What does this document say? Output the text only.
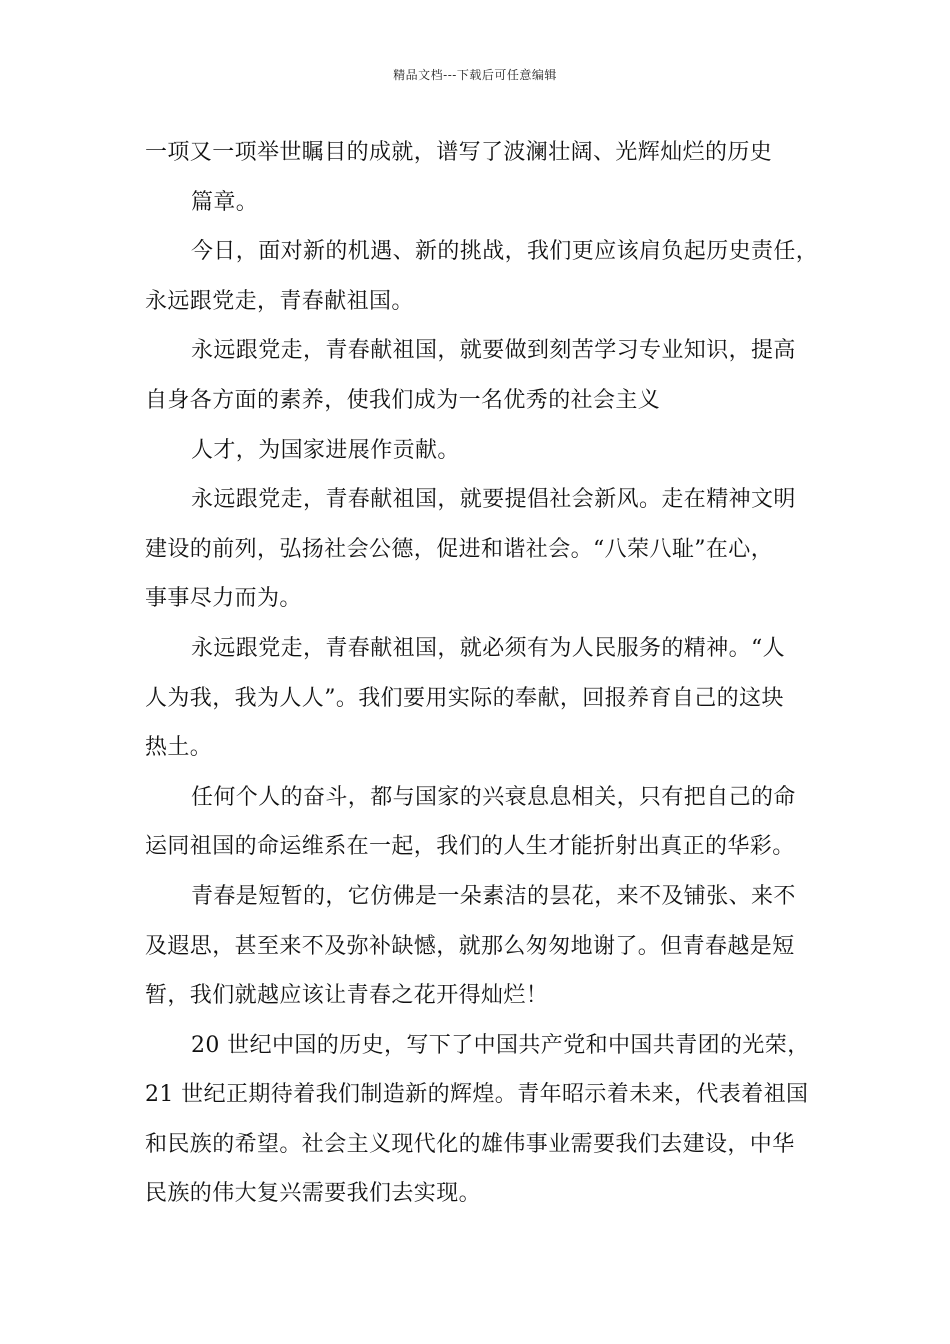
精品文档---下载后可任意编辑
一项又一项举世瞩目的成就，谱写了波澜壮阔、光辉灿烂的历史
篇章。
今日，面对新的机遇、新的挑战，我们更应该肩负起历史责任，
永远跟党走，青春献祖国。
永远跟党走，青春献祖国，就要做到刻苦学习专业知识，提高
自身各方面的素养，使我们成为一名优秀的社会主义
人才，为国家进展作贡献。
永远跟党走，青春献祖国，就要提倡社会新风。走在精神文明
建设的前列，弘扬社会公德，促进和谐社会。“八荣八耻”在心，
事事尽力而为。
永远跟党走，青春献祖国，就必须有为人民服务的精神。“人
人为我，我为人人”。我们要用实际的奉献，回报养育自己的这块
热土。
任何个人的奋斗，都与国家的兴衰息息相关，只有把自己的命
运同祖国的命运维系在一起，我们的人生才能折射出真正的华彩。
青春是短暂的，它仿佛是一朵素洁的昙花，来不及铺张、来不
及遐思，甚至来不及弥补缺憾，就那么匆匆地谢了。但青春越是短
暂，我们就越应该让青春之花开得灿烂！
20 世纪中国的历史，写下了中国共产党和中国共青团的光荣，
21 世纪正期待着我们制造新的辉煌。青年昭示着未来，代表着祖国
和民族的希望。社会主义现代化的雄伟事业需要我们去建设，中华
民族的伟大复兴需要我们去实现。
